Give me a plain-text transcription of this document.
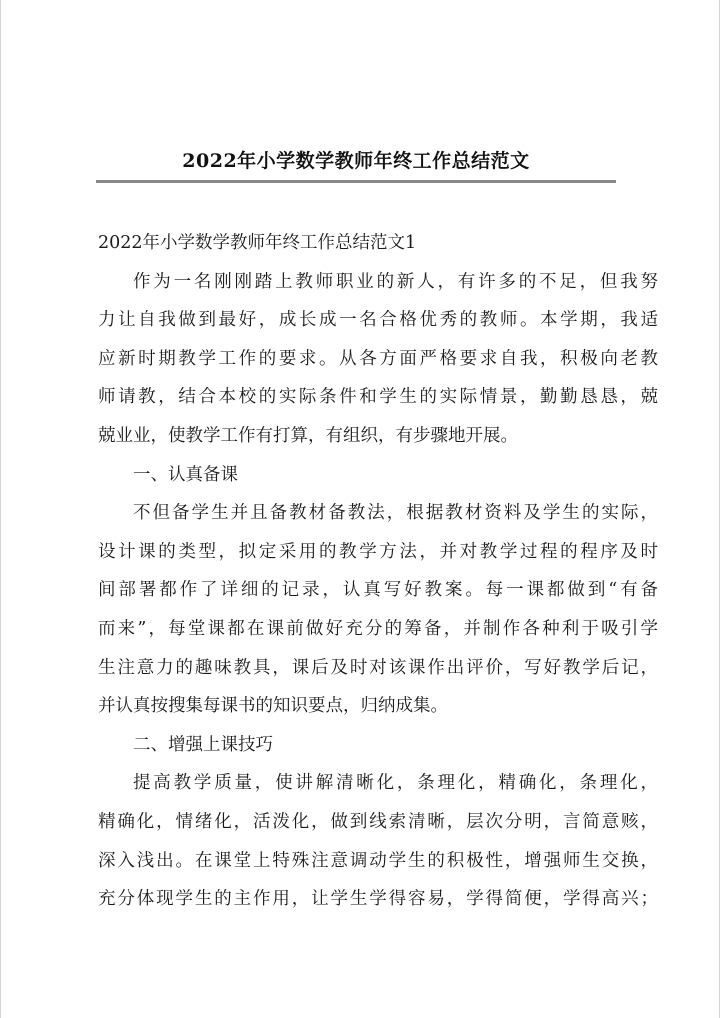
2022年小学数学教师年终工作总结范文
2022年小学数学教师年终工作总结范文1
作为一名刚刚踏上教师职业的新人，有许多的不足，但我努
力让自我做到最好，成长成一名合格优秀的教师。本学期，我适
应新时期教学工作的要求。从各方面严格要求自我，积极向老教
师请教，结合本校的实际条件和学生的实际情景，勤勤恳恳，兢
兢业业，使教学工作有打算，有组织，有步骤地开展。
一、认真备课
不但备学生并且备教材备教法，根据教材资料及学生的实际，
设计课的类型，拟定采用的教学方法，并对教学过程的程序及时
间部署都作了详细的记录，认真写好教案。每一课都做到“有备
而来”，每堂课都在课前做好充分的筹备，并制作各种利于吸引学
生注意力的趣味教具，课后及时对该课作出评价，写好教学后记，
并认真按搜集每课书的知识要点，归纳成集。
二、增强上课技巧
提高教学质量，使讲解清晰化，条理化，精确化，条理化，
精确化，情绪化，活泼化，做到线索清晰，层次分明，言简意赅，
深入浅出。在课堂上特殊注意调动学生的积极性，增强师生交换，
充分体现学生的主作用，让学生学得容易，学得简便，学得高兴；
